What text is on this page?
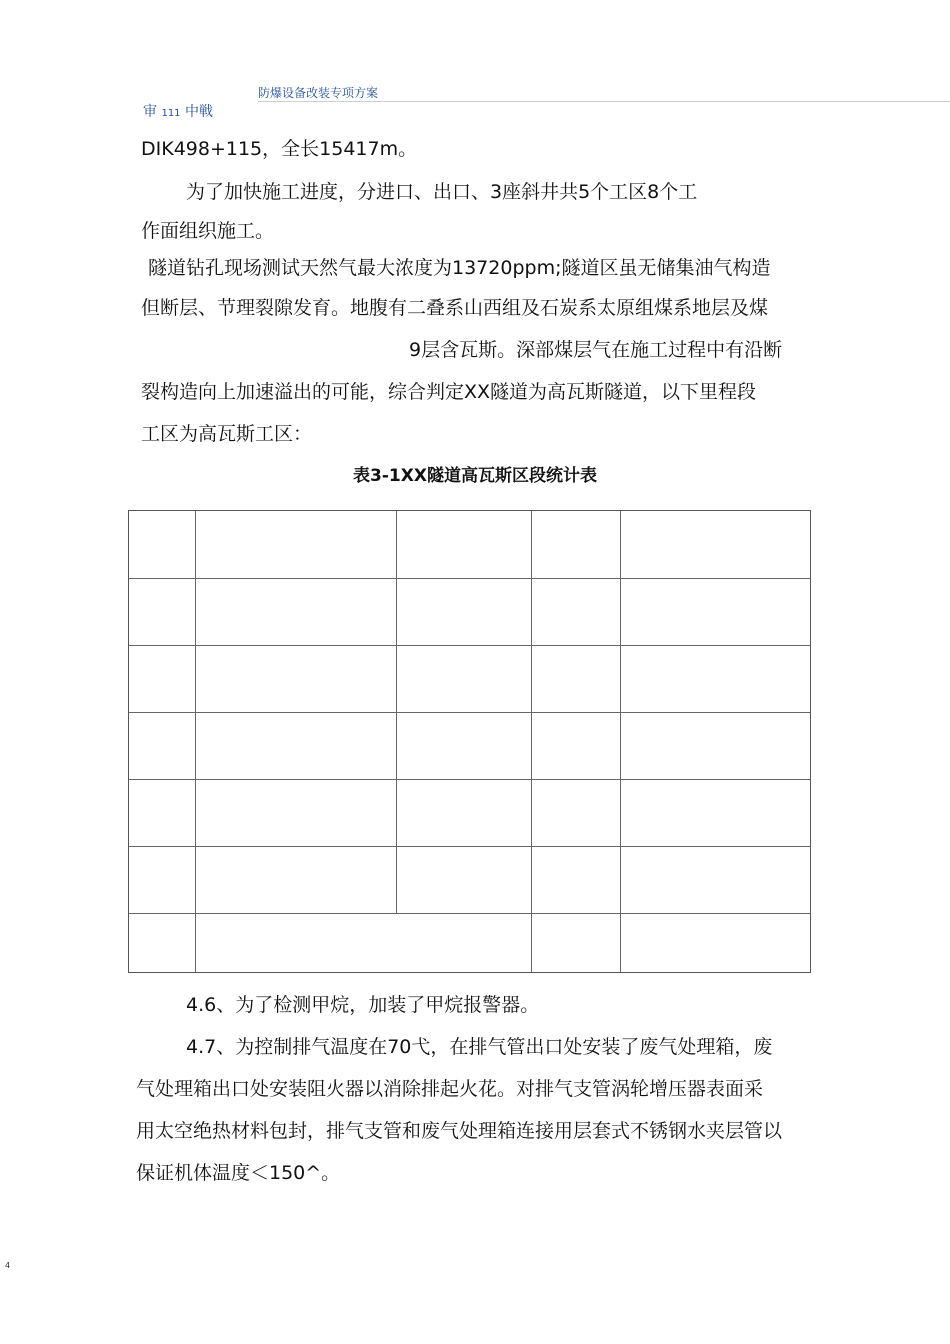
审 111 中戦
防爆设备改装专项方案
DIK498+115，全长15417m。
为了加快施工进度，分进口、出口、3座斜井共5个工区8个工
作面组织施工。
隧道钻孔现场测试天然气最大浓度为13720ppm;隧道区虽无储集油气构造
但断层、节理裂隙发育。地腹有二叠系山西组及石炭系太原组煤系地层及煤
9层含瓦斯。深部煤层气在施工过程中有沿断
裂构造向上加速溢出的可能，综合判定XX隧道为高瓦斯隧道，以下里程段
工区为高瓦斯工区：
表3-1XX隧道高瓦斯区段统计表
4.6、为了检测甲烷，加装了甲烷报警器。
4.7、为控制排气温度在70弋，在排气管出口处安装了废气处理箱，废
气处理箱出口处安装阻火器以消除排起火花。对排气支管涡轮增压器表面采
用太空绝热材料包封，排气支管和废气处理箱连接用层套式不锈钢水夹层管以
保证机体温度＜150^。
4
